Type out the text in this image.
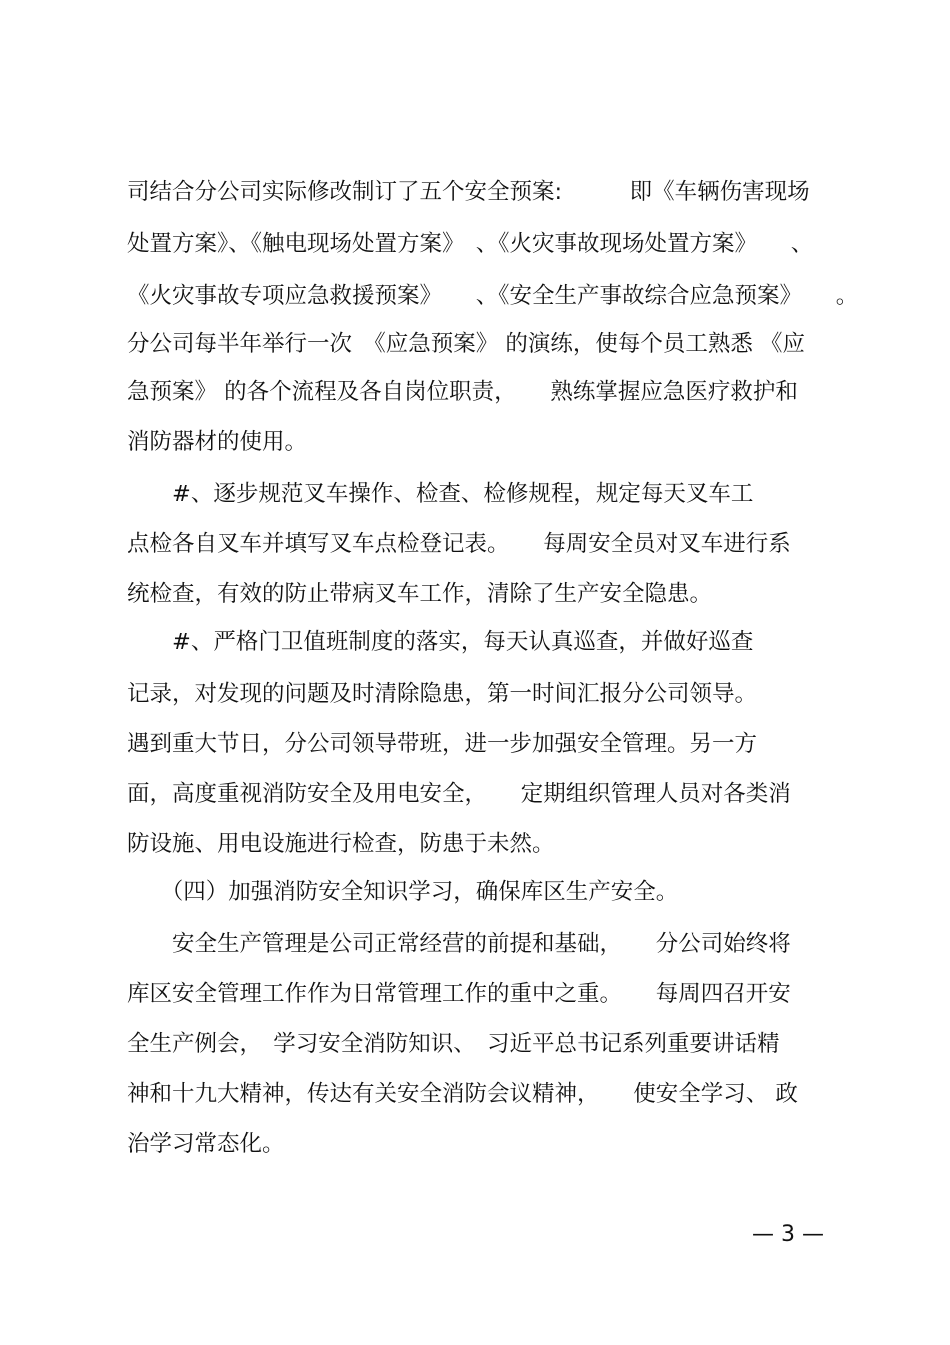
司结合分公司实际修改制订了五个安全预案:　　　即《车辆伤害现场
处置方案》、《触电现场处置方案》　、《火灾事故现场处置方案》　　、
《火灾事故专项应急救援预案》　　、《安全生产事故综合应急预案》　　。
分公司每半年举行一次　《应急预案》 的演练，使每个员工熟悉 《应
急预案》 的各个流程及各自岗位职责，　　熟练掌握应急医疗救护和
消防器材的使用。
　　#、逐步规范叉车操作、检查、检修规程，规定每天叉车工
点检各自叉车并填写叉车点检登记表。　　每周安全员对叉车进行系
统检查，有效的防止带病叉车工作，清除了生产安全隐患。
　　#、严格门卫值班制度的落实，每天认真巡查，并做好巡查
记录，对发现的问题及时清除隐患，第一时间汇报分公司领导。
遇到重大节日，分公司领导带班，进一步加强安全管理。另一方
面，高度重视消防安全及用电安全，　　定期组织管理人员对各类消
防设施、用电设施进行检查，防患于未然。
　　（四）加强消防安全知识学习，确保库区生产安全。
　　安全生产管理是公司正常经营的前提和基础，　　分公司始终将
库区安全管理工作作为日常管理工作的重中之重。　　每周四召开安
全生产例会，　学习安全消防知识、　习近平总书记系列重要讲话精
神和十九大精神，传达有关安全消防会议精神，　　使安全学习、 政
治学习常态化。
— 3 —
